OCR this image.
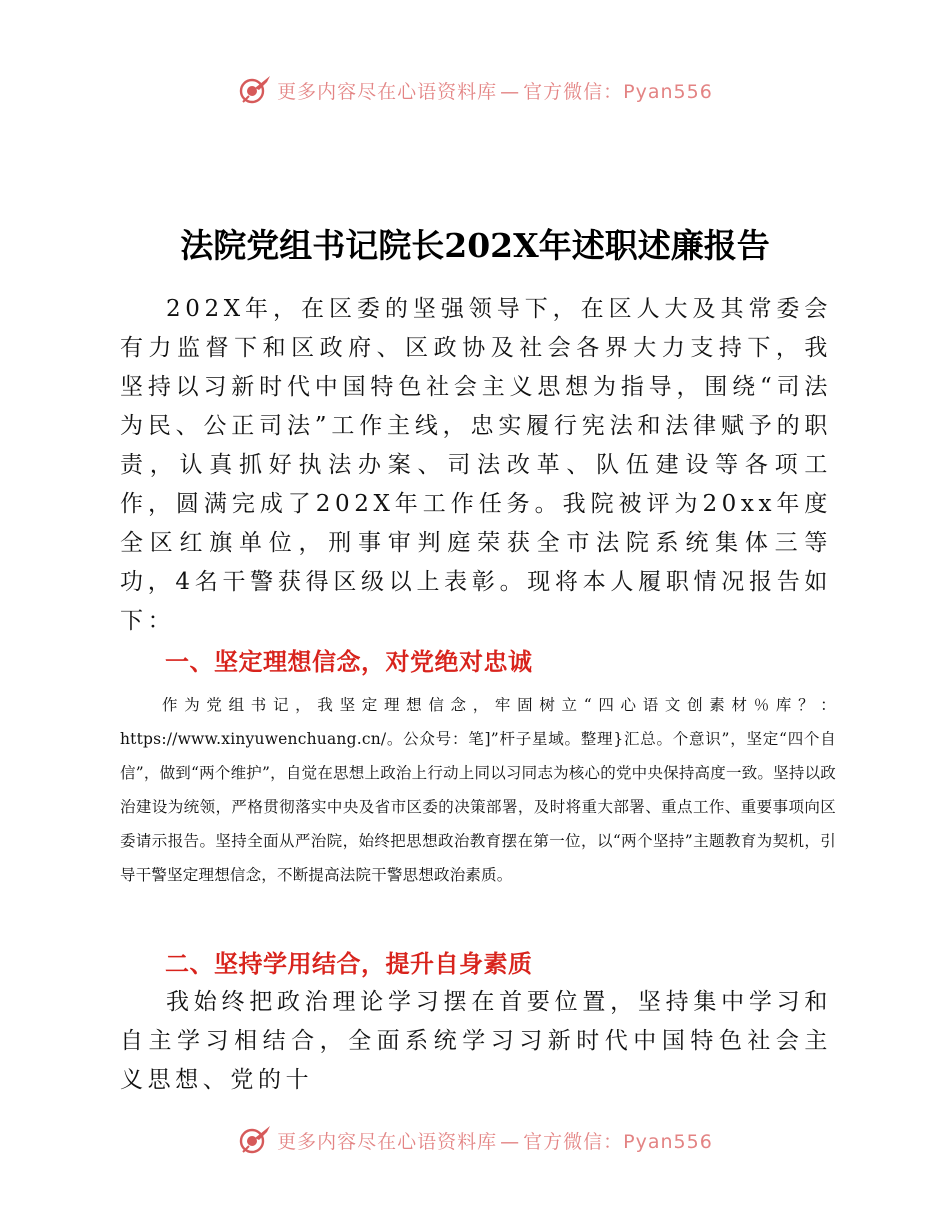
更多内容尽在心语资料库 — 官方微信：Pyan556
法院党组书记院长202X年述职述廉报告

202X年，在区委的坚强领导下，在区人大及其常委会有力监督下和区政府、区政协及社会各界大力支持下，我坚持以习新时代中国特色社会主义思想为指导，围绕“司法为民、公正司法”工作主线，忠实履行宪法和法律赋予的职责，认真抓好执法办案、司法改革、队伍建设等各项工作，圆满完成了202X年工作任务。我院被评为20xx年度全区红旗单位，刑事审判庭荣获全市法院系统集体三等功，4名干警获得区级以上表彰。现将本人履职情况报告如下：

一、坚定理想信念，对党绝对忠诚

作为党组书记，我坚定理想信念，牢固树立“四心语文创素材％库？：https://www.xinyuwenchuang.cn/。公众号：笔]”杆子星域。整理}汇总。个意识”，坚定“四个自信”，做到“两个维护”，自觉在思想上政治上行动上同以习同志为核心的党中央保持高度一致。坚持以政治建设为统领，严格贯彻落实中央及省市区委的决策部署，及时将重大部署、重点工作、重要事项向区委请示报告。坚持全面从严治院，始终把思想政治教育摆在第一位，以“两个坚持”主题教育为契机，引导干警坚定理想信念，不断提高法院干警思想政治素质。

二、坚持学用结合，提升自身素质

我始终把政治理论学习摆在首要位置，坚持集中学习和自主学习相结合，全面系统学习习新时代中国特色社会主义思想、党的十

更多内容尽在心语资料库 — 官方微信：Pyan556
